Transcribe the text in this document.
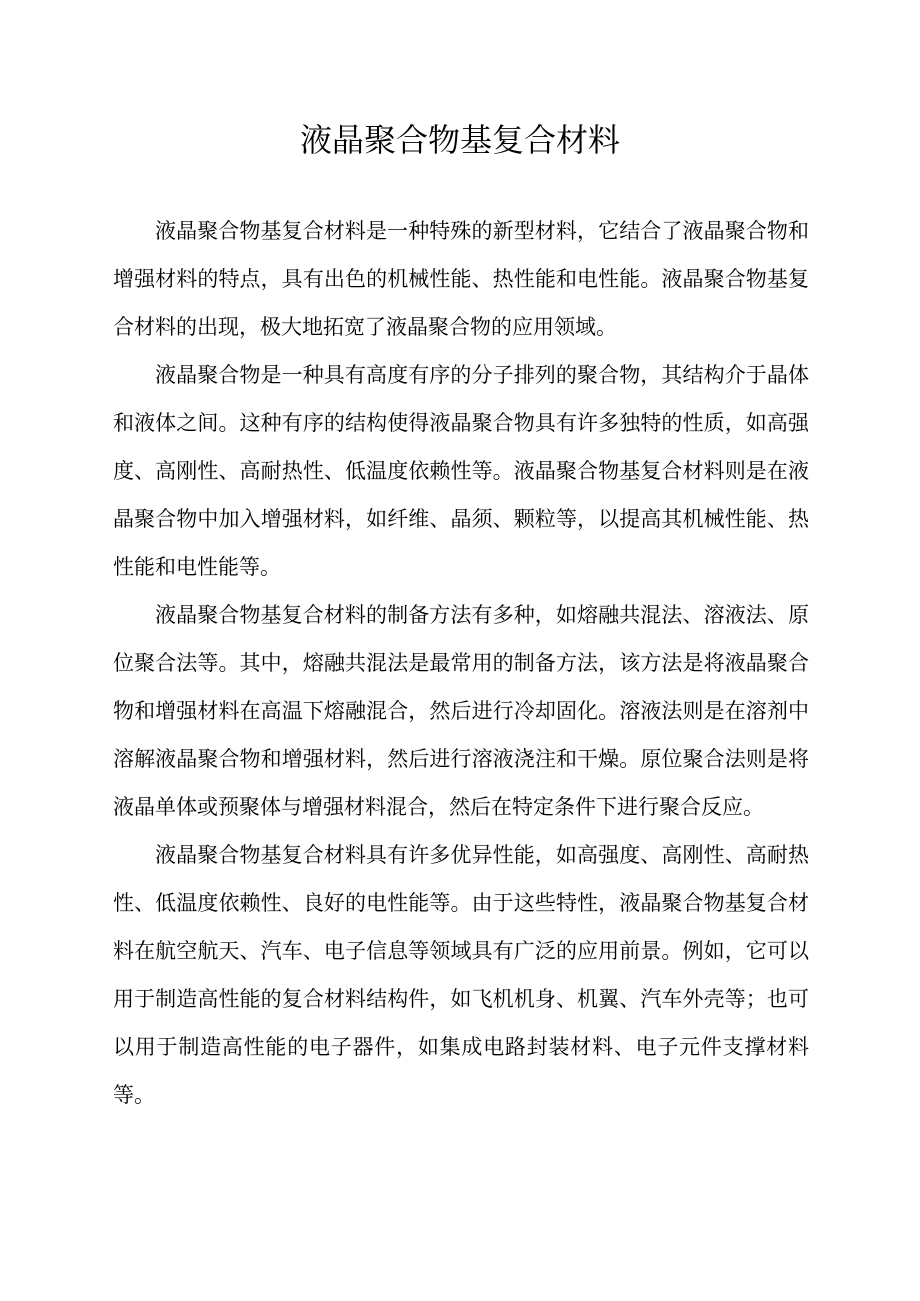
液晶聚合物基复合材料

液晶聚合物基复合材料是一种特殊的新型材料，它结合了液晶聚合物和增强材料的特点，具有出色的机械性能、热性能和电性能。液晶聚合物基复合材料的出现，极大地拓宽了液晶聚合物的应用领域。

液晶聚合物是一种具有高度有序的分子排列的聚合物，其结构介于晶体和液体之间。这种有序的结构使得液晶聚合物具有许多独特的性质，如高强度、高刚性、高耐热性、低温度依赖性等。液晶聚合物基复合材料则是在液晶聚合物中加入增强材料，如纤维、晶须、颗粒等，以提高其机械性能、热性能和电性能等。

液晶聚合物基复合材料的制备方法有多种，如熔融共混法、溶液法、原位聚合法等。其中，熔融共混法是最常用的制备方法，该方法是将液晶聚合物和增强材料在高温下熔融混合，然后进行冷却固化。溶液法则是在溶剂中溶解液晶聚合物和增强材料，然后进行溶液浇注和干燥。原位聚合法则是将液晶单体或预聚体与增强材料混合，然后在特定条件下进行聚合反应。

液晶聚合物基复合材料具有许多优异性能，如高强度、高刚性、高耐热性、低温度依赖性、良好的电性能等。由于这些特性，液晶聚合物基复合材料在航空航天、汽车、电子信息等领域具有广泛的应用前景。例如，它可以用于制造高性能的复合材料结构件，如飞机机身、机翼、汽车外壳等；也可以用于制造高性能的电子器件，如集成电路封装材料、电子元件支撑材料等。
